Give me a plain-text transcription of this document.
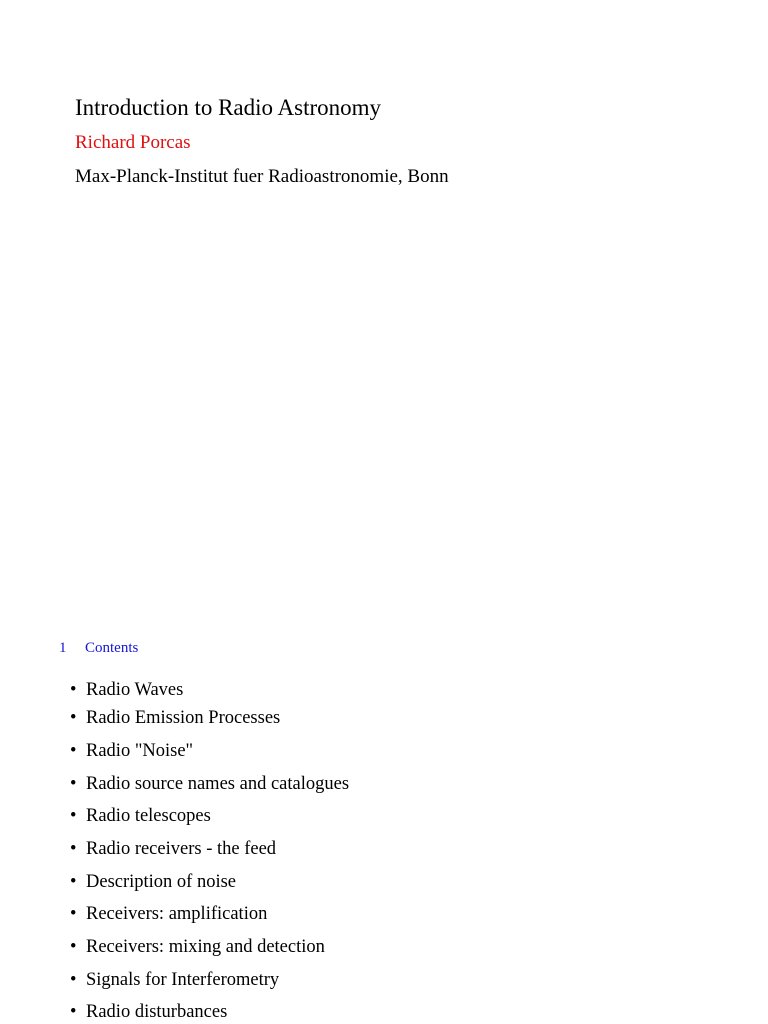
Introduction to Radio Astronomy
Richard Porcas
Max-Planck-Institut fuer Radioastronomie, Bonn
1 Contents
• Radio Waves
• Radio Emission Processes
• Radio "Noise"
• Radio source names and catalogues
• Radio telescopes
• Radio receivers - the feed
• Description of noise
• Receivers: amplification
• Receivers: mixing and detection
• Signals for Interferometry
• Radio disturbances
